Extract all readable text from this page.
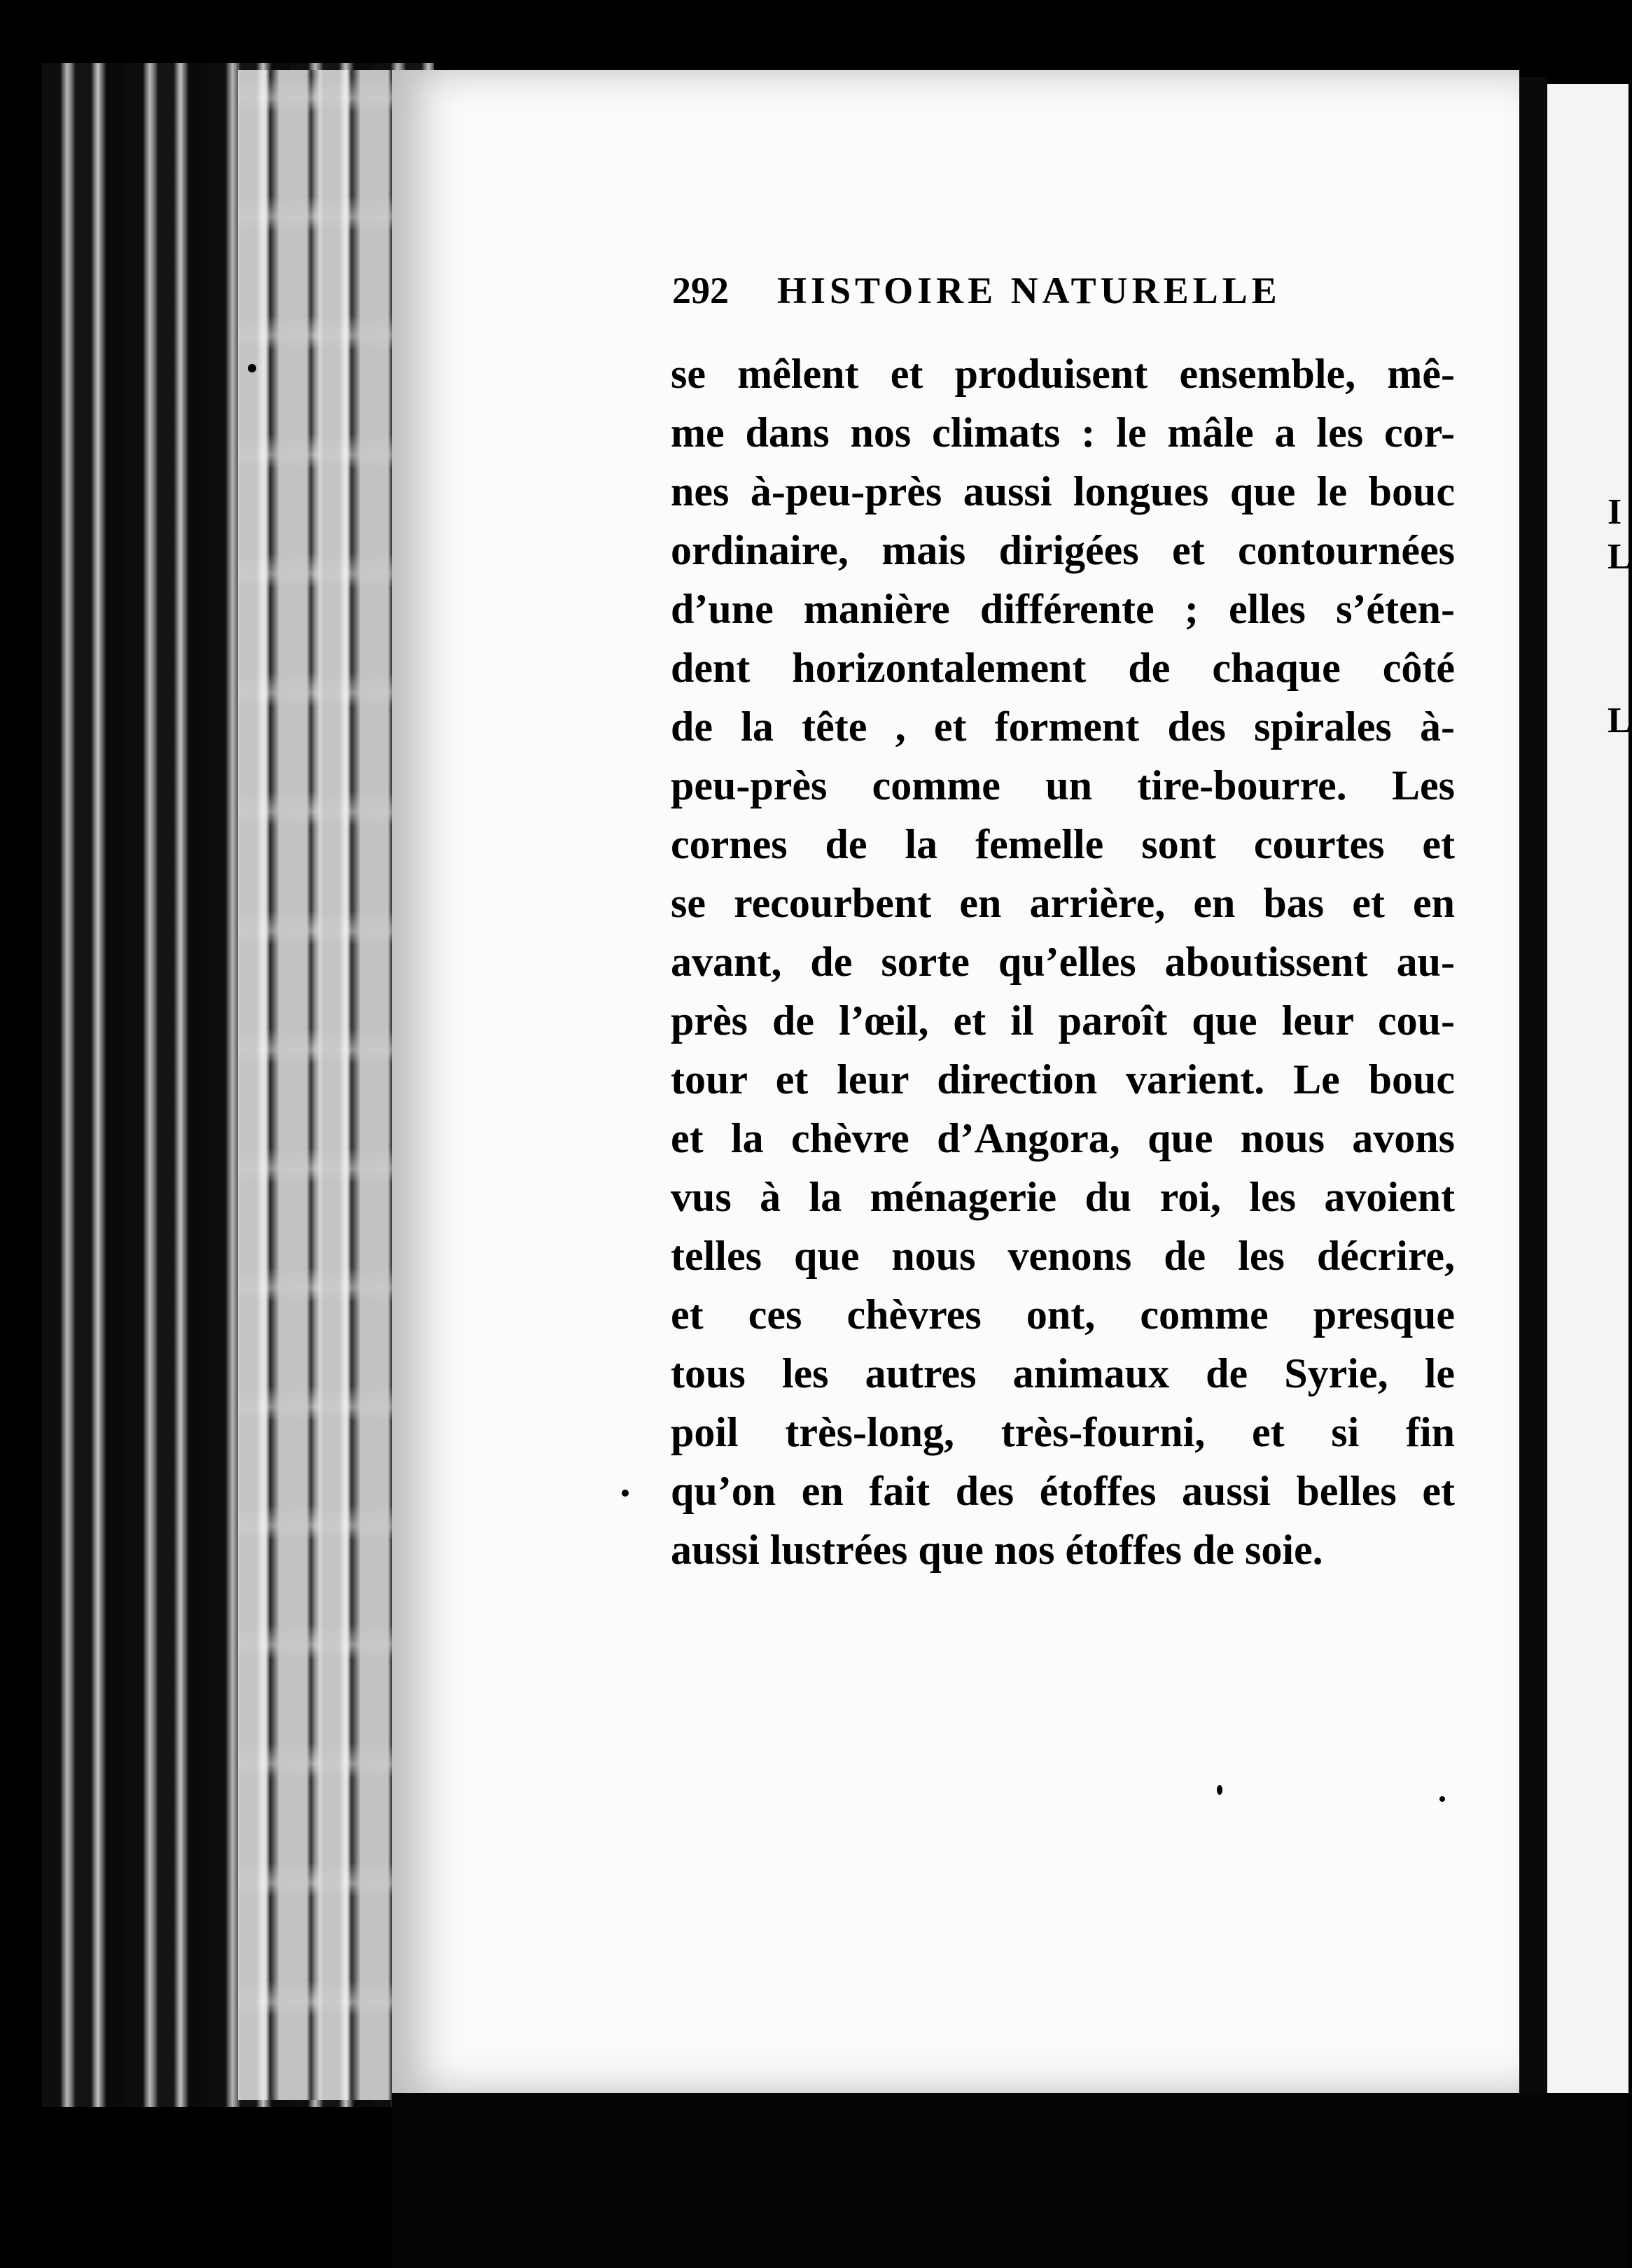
292 HISTOIRE NATURELLE
se mêlent et produisent ensemble, mê-
me dans nos climats : le mâle a les cor-
nes à-peu-près aussi longues que le bouc
ordinaire, mais dirigées et contournées
d’une manière différente ; elles s’éten-
dent horizontalement de chaque côté
de la tête , et forment des spirales à-
peu-près comme un tire-bourre. Les
cornes de la femelle sont courtes et
se recourbent en arrière, en bas et en
avant, de sorte qu’elles aboutissent au-
près de l’œil, et il paroît que leur cou-
tour et leur direction varient. Le bouc
et la chèvre d’Angora, que nous avons
vus à la ménagerie du roi, les avoient
telles que nous venons de les décrire,
et ces chèvres ont, comme presque
tous les autres animaux de Syrie, le
poil très-long, très-fourni, et si fin
qu’on en fait des étoffes aussi belles et
aussi lustrées que nos étoffes de soie.
I
L
L
